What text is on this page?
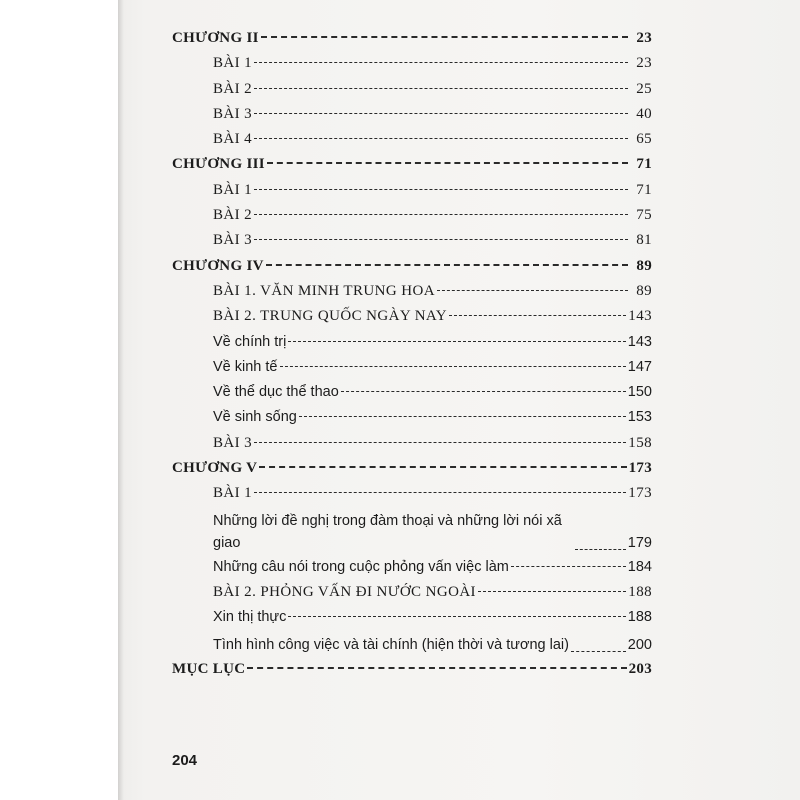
CHƯƠNG II	23
BÀI 1	23
BÀI 2	25
BÀI 3	40
BÀI 4	65
CHƯƠNG III	71
BÀI 1	71
BÀI 2	75
BÀI 3	81
CHƯƠNG IV	89
BÀI 1. VĂN MINH TRUNG HOA	89
BÀI 2. TRUNG QUỐC NGÀY NAY	143
Về chính trị	143
Về kinh tế	147
Về thể dục thể thao	150
Về sinh sống	153
BÀI 3	158
CHƯƠNG V	173
BÀI 1	173
Những lời đề nghị trong đàm thoại và những lời nói xã giao	179
Những câu nói trong cuộc phỏng vấn việc làm	184
BÀI 2. PHỎNG VẤN ĐI NƯỚC NGOÀI	188
Xin thị thực	188
Tình hình công việc và tài chính (hiện thời và tương lai)	200
MỤC LỤC	203
204
